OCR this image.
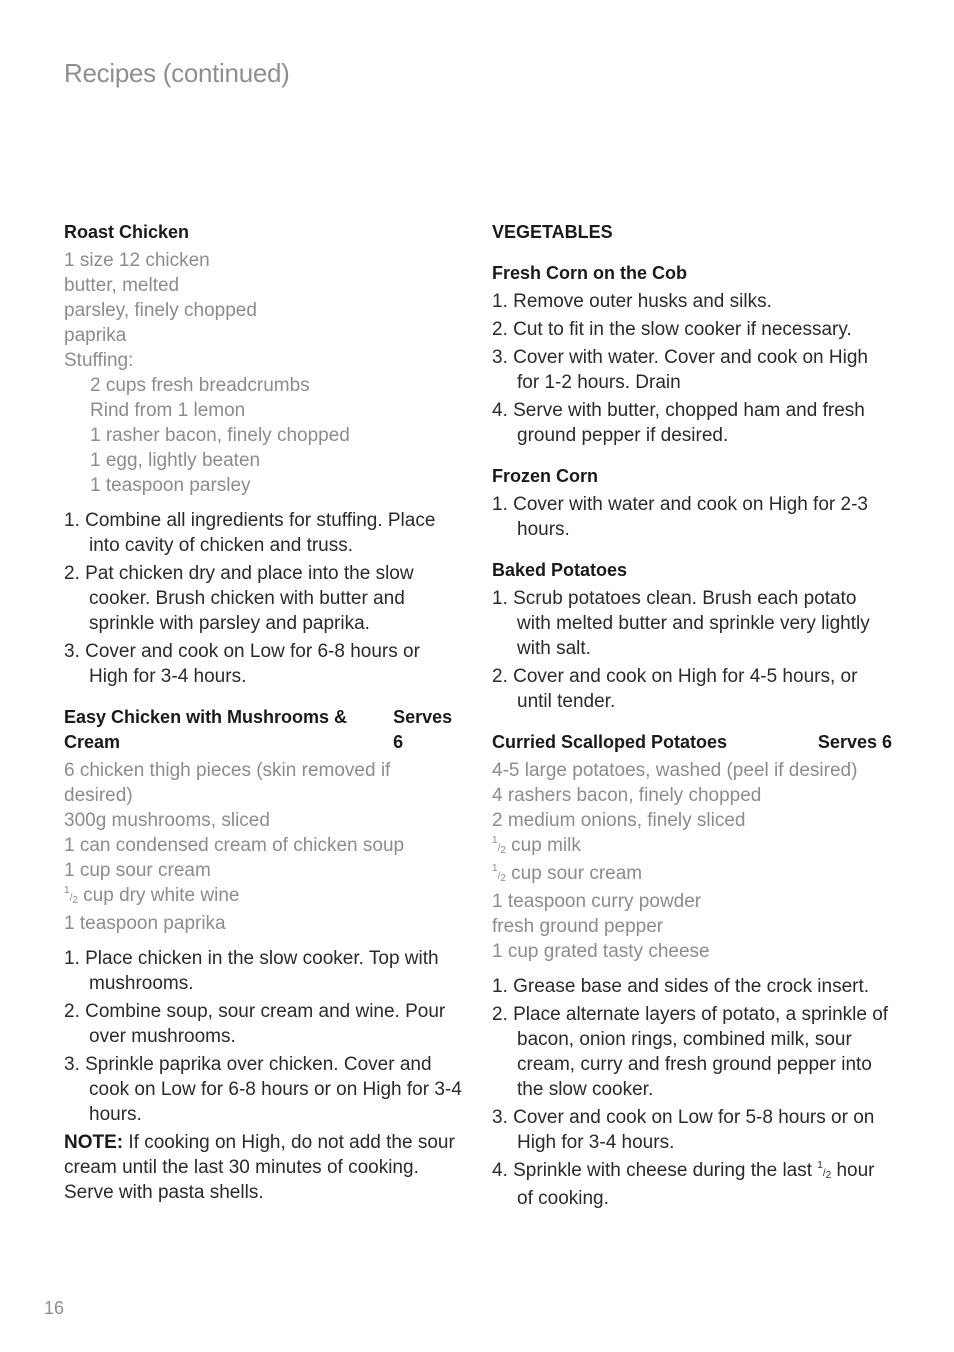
Recipes (continued)
Roast Chicken
1 size 12 chicken
butter, melted
parsley, finely chopped
paprika
Stuffing:
2 cups fresh breadcrumbs
Rind from 1 lemon
1 rasher bacon, finely chopped
1 egg, lightly beaten
1 teaspoon parsley
1. Combine all ingredients for stuffing. Place into cavity of chicken and truss.
2. Pat chicken dry and place into the slow cooker. Brush chicken with butter and sprinkle with parsley and paprika.
3. Cover and cook on Low for 6-8 hours or High for 3-4 hours.
Easy Chicken with Mushrooms & Cream
Serves 6
6 chicken thigh pieces (skin removed if desired)
300g mushrooms, sliced
1 can condensed cream of chicken soup
1 cup sour cream
1/2 cup dry white wine
1 teaspoon paprika
1. Place chicken in the slow cooker. Top with mushrooms.
2. Combine soup, sour cream and wine. Pour over mushrooms.
3. Sprinkle paprika over chicken. Cover and cook on Low for 6-8 hours or on High for 3-4 hours.
NOTE: If cooking on High, do not add the sour cream until the last 30 minutes of cooking. Serve with pasta shells.
VEGETABLES
Fresh Corn on the Cob
1. Remove outer husks and silks.
2. Cut to fit in the slow cooker if necessary.
3. Cover with water. Cover and cook on High for 1-2 hours. Drain
4. Serve with butter, chopped ham and fresh ground pepper if desired.
Frozen Corn
1. Cover with water and cook on High for 2-3 hours.
Baked Potatoes
1. Scrub potatoes clean. Brush each potato with melted butter and sprinkle very lightly with salt.
2. Cover and cook on High for 4-5 hours, or until tender.
Curried Scalloped Potatoes	Serves 6
4-5 large potatoes, washed (peel if desired)
4 rashers bacon, finely chopped
2 medium onions, finely sliced
1/2 cup milk
1/2 cup sour cream
1 teaspoon curry powder
fresh ground pepper
1 cup grated tasty cheese
1. Grease base and sides of the crock insert.
2. Place alternate layers of potato, a sprinkle of bacon, onion rings, combined milk, sour cream, curry and fresh ground pepper into the slow cooker.
3. Cover and cook on Low for 5-8 hours or on High for 3-4 hours.
4. Sprinkle with cheese during the last 1/2 hour of cooking.
16
